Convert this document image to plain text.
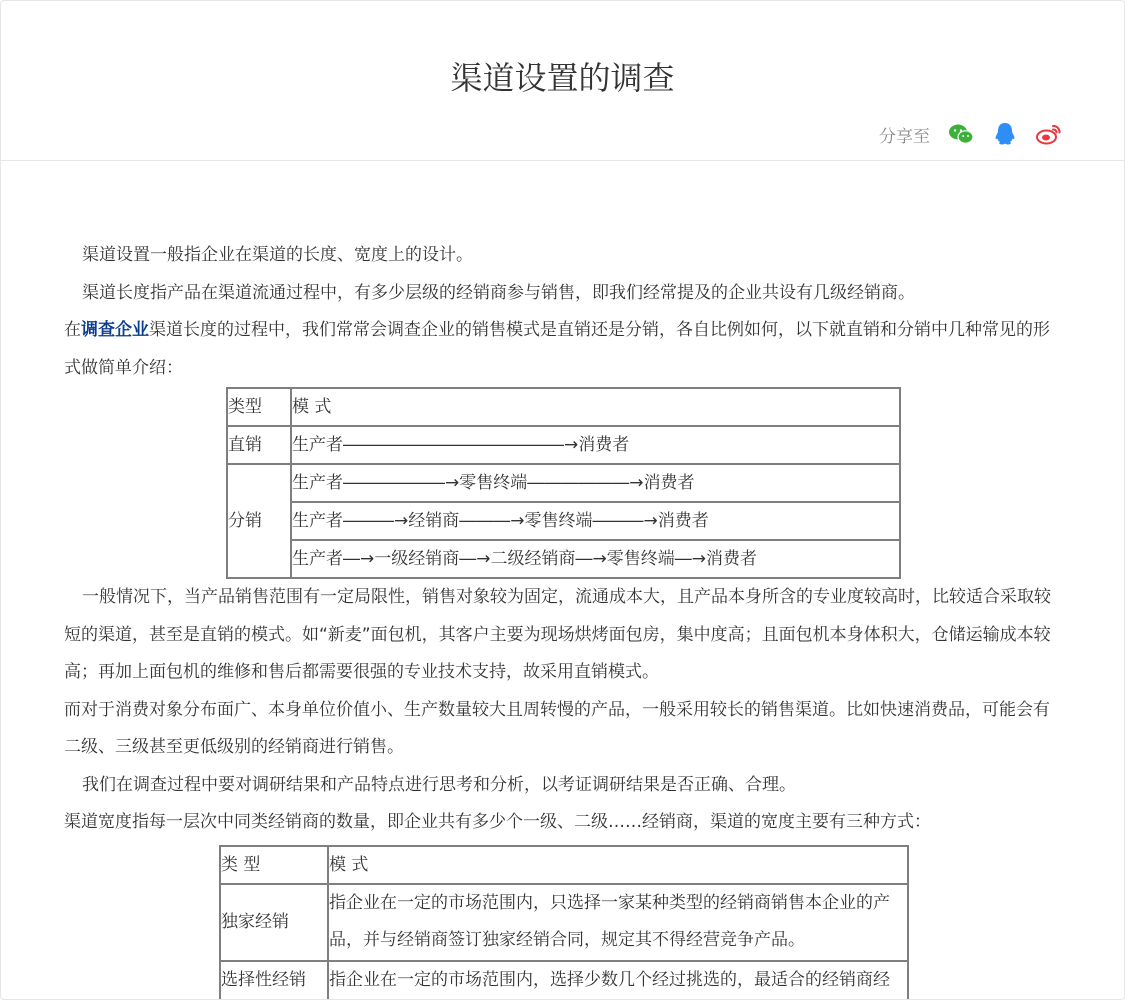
渠道设置的调查
分享至

渠道设置一般指企业在渠道的长度、宽度上的设计。

渠道长度指产品在渠道流通过程中，有多少层级的经销商参与销售，即我们经常提及的企业共设有几级经销商。

在调查企业渠道长度的过程中，我们常常会调查企业的销售模式是直销还是分销，各自比例如何，以下就直销和分销中几种常见的形式做简单介绍：

类型	模 式
直销	生产者―――――――――――――→消费者
分销	生产者――――――→零售终端――――――→消费者
	生产者―――→经销商―――→零售终端―――→消费者
	生产者―→一级经销商―→二级经销商―→零售终端―→消费者

一般情况下，当产品销售范围有一定局限性，销售对象较为固定，流通成本大，且产品本身所含的专业度较高时，比较适合采取较短的渠道，甚至是直销的模式。如“新麦”面包机，其客户主要为现场烘烤面包房，集中度高；且面包机本身体积大，仓储运输成本较高；再加上面包机的维修和售后都需要很强的专业技术支持，故采用直销模式。

而对于消费对象分布面广、本身单位价值小、生产数量较大且周转慢的产品，一般采用较长的销售渠道。比如快速消费品，可能会有二级、三级甚至更低级别的经销商进行销售。

我们在调查过程中要对调研结果和产品特点进行思考和分析，以考证调研结果是否正确、合理。

渠道宽度指每一层次中同类经销商的数量，即企业共有多少个一级、二级……经销商，渠道的宽度主要有三种方式：

类 型	模 式
独家经销	指企业在一定的市场范围内，只选择一家某种类型的经销商销售本企业的产品，并与经销商签订独家经销合同，规定其不得经营竞争产品。
选择性经销	指企业在一定的市场范围内，选择少数几个经过挑选的，最适合的经销商经
